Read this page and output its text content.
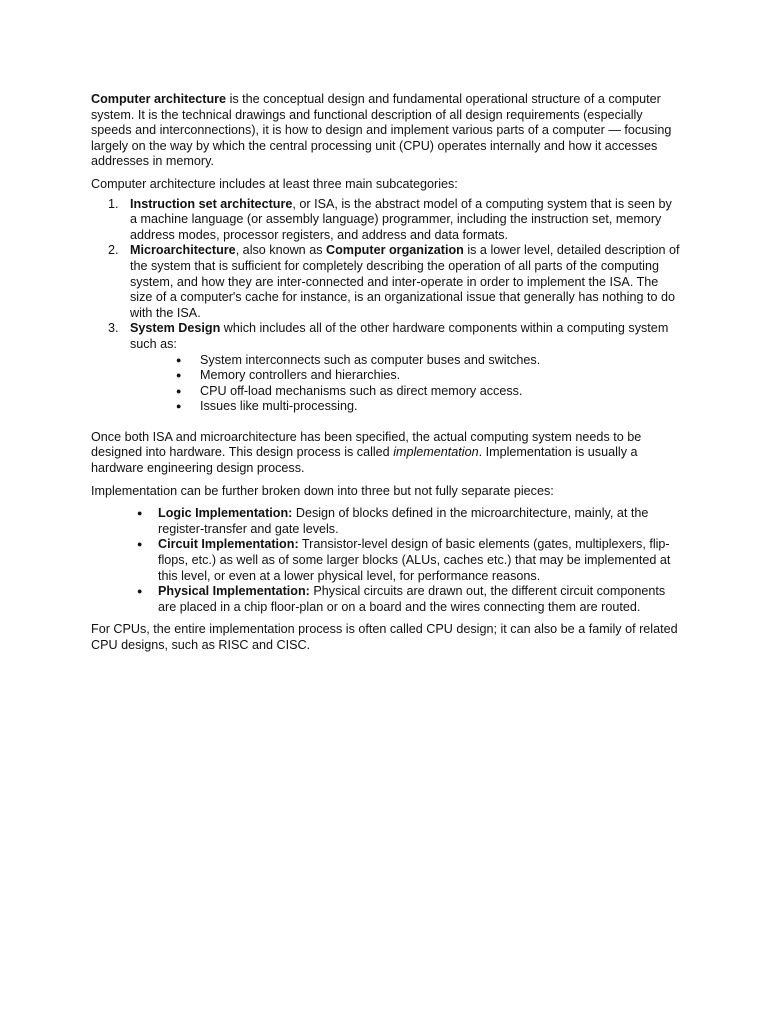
Computer architecture is the conceptual design and fundamental operational structure of a computer system. It is the technical drawings and functional description of all design requirements (especially speeds and interconnections), it is how to design and implement various parts of a computer — focusing largely on the way by which the central processing unit (CPU) operates internally and how it accesses addresses in memory.

Computer architecture includes at least three main subcategories:

1. Instruction set architecture, or ISA, is the abstract model of a computing system that is seen by a machine language (or assembly language) programmer, including the instruction set, memory address modes, processor registers, and address and data formats.
2. Microarchitecture, also known as Computer organization is a lower level, detailed description of the system that is sufficient for completely describing the operation of all parts of the computing system, and how they are inter-connected and inter-operate in order to implement the ISA. The size of a computer's cache for instance, is an organizational issue that generally has nothing to do with the ISA.
3. System Design which includes all of the other hardware components within a computing system such as:
● System interconnects such as computer buses and switches.
● Memory controllers and hierarchies.
● CPU off-load mechanisms such as direct memory access.
● Issues like multi-processing.

Once both ISA and microarchitecture has been specified, the actual computing system needs to be designed into hardware. This design process is called implementation. Implementation is usually a hardware engineering design process.

Implementation can be further broken down into three but not fully separate pieces:

● Logic Implementation: Design of blocks defined in the microarchitecture, mainly, at the register-transfer and gate levels.
● Circuit Implementation: Transistor-level design of basic elements (gates, multiplexers, flip-flops, etc.) as well as of some larger blocks (ALUs, caches etc.) that may be implemented at this level, or even at a lower physical level, for performance reasons.
● Physical Implementation: Physical circuits are drawn out, the different circuit components are placed in a chip floor-plan or on a board and the wires connecting them are routed.

For CPUs, the entire implementation process is often called CPU design; it can also be a family of related CPU designs, such as RISC and CISC.
